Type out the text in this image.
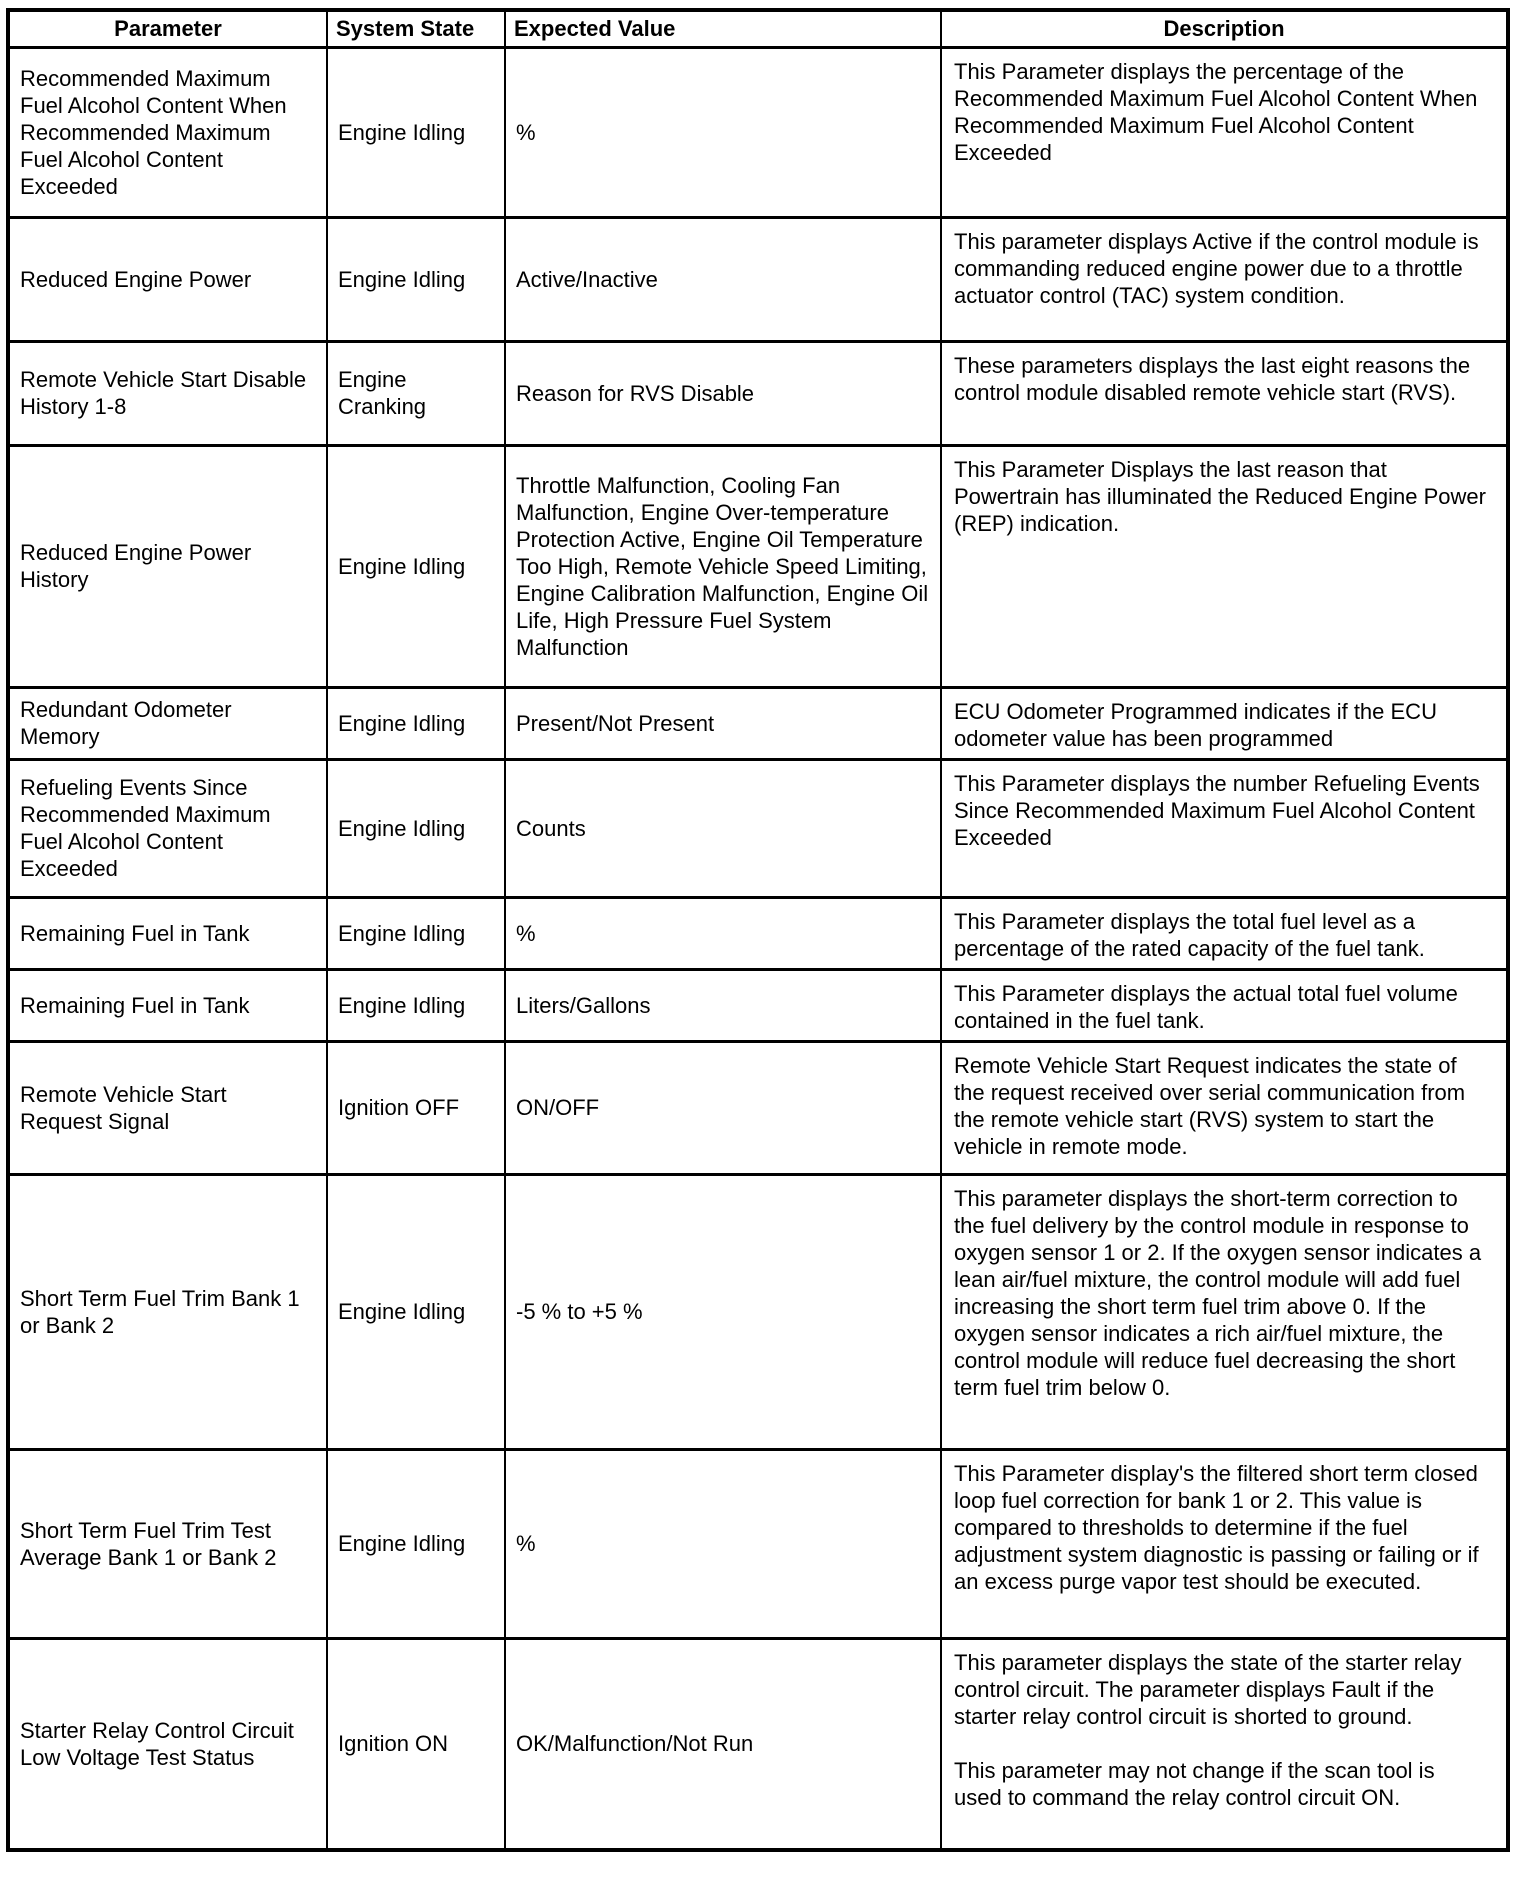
Parameter	System State	Expected Value	Description
Recommended Maximum Fuel Alcohol Content When Recommended Maximum Fuel Alcohol Content Exceeded	Engine Idling	%	This Parameter displays the percentage of the Recommended Maximum Fuel Alcohol Content When Recommended Maximum Fuel Alcohol Content Exceeded

Reduced Engine Power	Engine Idling	Active/Inactive	This parameter displays Active if the control module is commanding reduced engine power due to a throttle actuator control (TAC) system condition.

Remote Vehicle Start Disable History 1-8	Engine Cranking	Reason for RVS Disable	These parameters displays the last eight reasons the control module disabled remote vehicle start (RVS).

Reduced Engine Power History	Engine Idling	Throttle Malfunction, Cooling Fan Malfunction, Engine Over-temperature Protection Active, Engine Oil Temperature Too High, Remote Vehicle Speed Limiting, Engine Calibration Malfunction, Engine Oil Life, High Pressure Fuel System Malfunction	This Parameter Displays the last reason that Powertrain has illuminated the Reduced Engine Power (REP) indication.

Redundant Odometer Memory	Engine Idling	Present/Not Present	ECU Odometer Programmed indicates if the ECU odometer value has been programmed

Refueling Events Since Recommended Maximum Fuel Alcohol Content Exceeded	Engine Idling	Counts	This Parameter displays the number Refueling Events Since Recommended Maximum Fuel Alcohol Content Exceeded

Remaining Fuel in Tank	Engine Idling	%	This Parameter displays the total fuel level as a percentage of the rated capacity of the fuel tank.

Remaining Fuel in Tank	Engine Idling	Liters/Gallons	This Parameter displays the actual total fuel volume contained in the fuel tank.

Remote Vehicle Start Request Signal	Ignition OFF	ON/OFF	Remote Vehicle Start Request indicates the state of the request received over serial communication from the remote vehicle start (RVS) system to start the vehicle in remote mode.

Short Term Fuel Trim Bank 1 or Bank 2	Engine Idling	-5 % to +5 %	This parameter displays the short-term correction to the fuel delivery by the control module in response to oxygen sensor 1 or 2. If the oxygen sensor indicates a lean air/fuel mixture, the control module will add fuel increasing the short term fuel trim above 0. If the oxygen sensor indicates a rich air/fuel mixture, the control module will reduce fuel decreasing the short term fuel trim below 0.

Short Term Fuel Trim Test Average Bank 1 or Bank 2	Engine Idling	%	This Parameter display's the filtered short term closed loop fuel correction for bank 1 or 2. This value is compared to thresholds to determine if the fuel adjustment system diagnostic is passing or failing or if an excess purge vapor test should be executed.

Starter Relay Control Circuit Low Voltage Test Status	Ignition ON	OK/Malfunction/Not Run	This parameter displays the state of the starter relay control circuit. The parameter displays Fault if the starter relay control circuit is shorted to ground.
This parameter may not change if the scan tool is used to command the relay control circuit ON.
